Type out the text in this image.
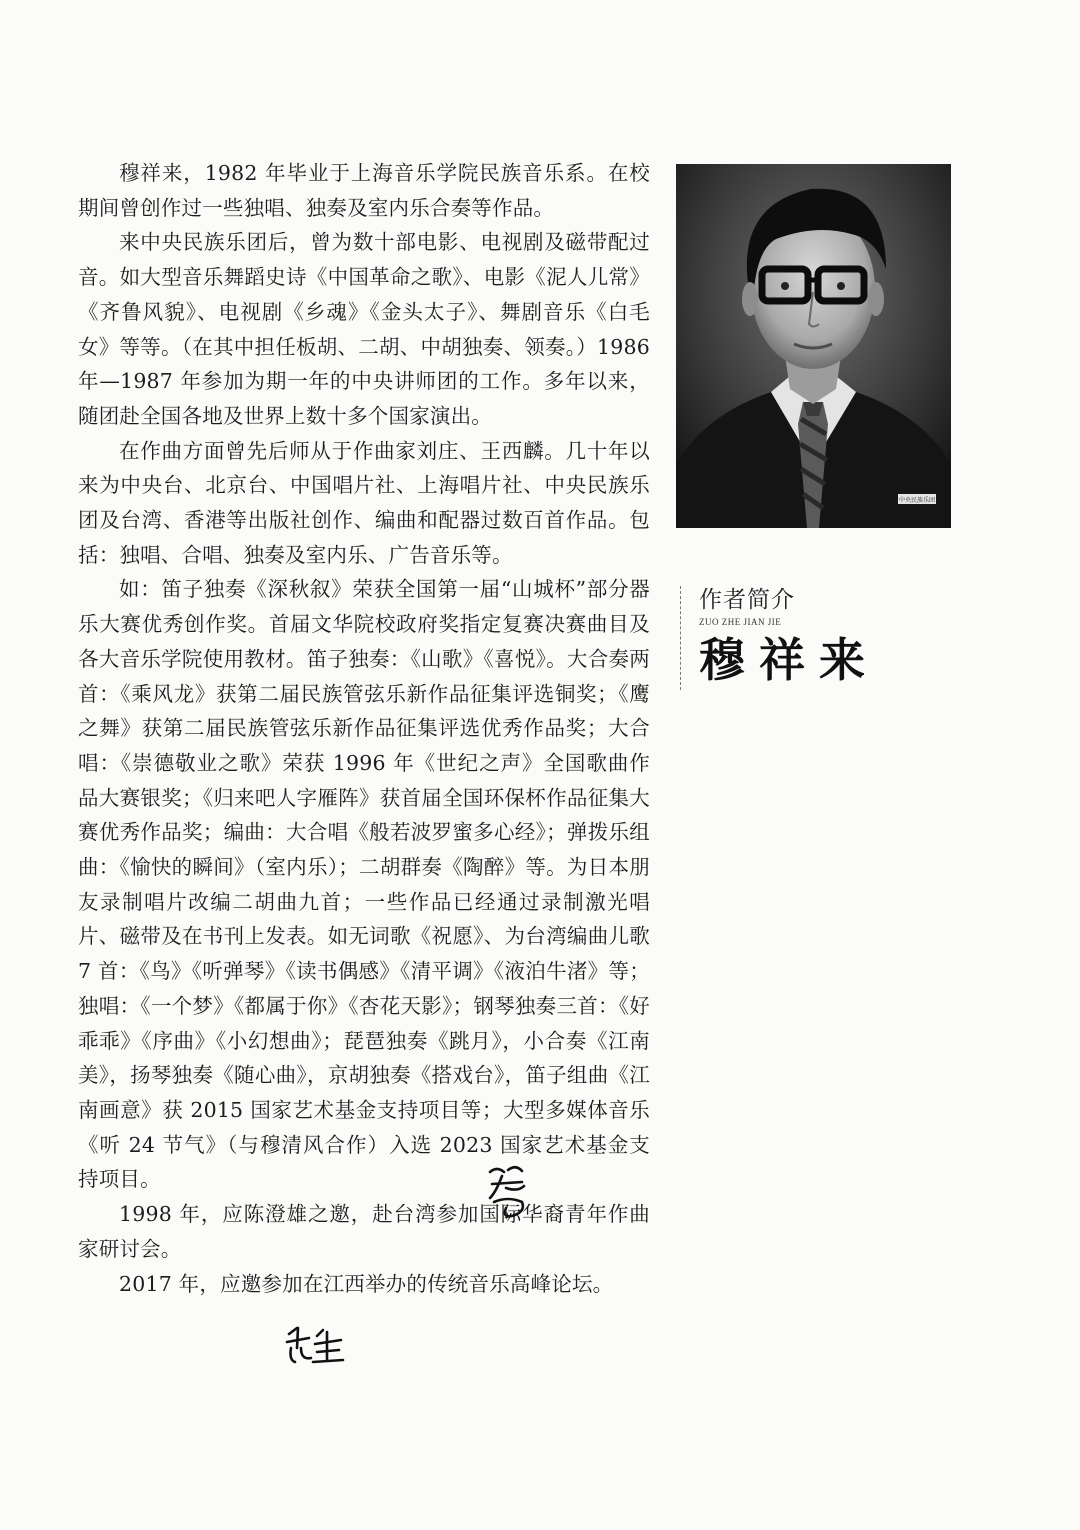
穆祥来，1982 年毕业于上海音乐学院民族音乐系。在校期间曾创作过一些独唱、独奏及室内乐合奏等作品。

来中央民族乐团后，曾为数十部电影、电视剧及磁带配过音。如大型音乐舞蹈史诗《中国革命之歌》、电影《泥人儿常》《齐鲁风貌》、电视剧《乡魂》《金头太子》、舞剧音乐《白毛女》等等。（在其中担任板胡、二胡、中胡独奏、领奏。）1986 年—1987 年参加为期一年的中央讲师团的工作。多年以来，随团赴全国各地及世界上数十多个国家演出。

在作曲方面曾先后师从于作曲家刘庄、王西麟。几十年以来为中央台、北京台、中国唱片社、上海唱片社、中央民族乐团及台湾、香港等出版社创作、编曲和配器过数百首作品。包括：独唱、合唱、独奏及室内乐、广告音乐等。

如：笛子独奏《深秋叙》荣获全国第一届“山城杯”部分器乐大赛优秀创作奖。首届文华院校政府奖指定复赛决赛曲目及各大音乐学院使用教材。笛子独奏：《山歌》《喜悦》。大合奏两首：《乘风龙》获第二届民族管弦乐新作品征集评选铜奖；《鹰之舞》获第二届民族管弦乐新作品征集评选优秀作品奖；大合唱：《崇德敬业之歌》荣获 1996 年《世纪之声》全国歌曲作品大赛银奖；《归来吧人字雁阵》获首届全国环保杯作品征集大赛优秀作品奖；编曲：大合唱《般若波罗蜜多心经》；弹拨乐组曲：《愉快的瞬间》（室内乐）；二胡群奏《陶醉》等。为日本朋友录制唱片改编二胡曲九首；一些作品已经通过录制激光唱片、磁带及在书刊上发表。如无词歌《祝愿》、为台湾编曲儿歌 7 首：《鸟》《听弹琴》《读书偶感》《清平调》《液泊牛渚》等；独唱：《一个梦》《都属于你》《杏花天影》；钢琴独奏三首：《好乖乖》《序曲》《小幻想曲》；琵琶独奏《跳月》，小合奏《江南美》，扬琴独奏《随心曲》，京胡独奏《搭戏台》，笛子组曲《江南画意》获 2015 国家艺术基金支持项目等；大型多媒体音乐《听 24 节气》（与穆清风合作）入选 2023 国家艺术基金支持项目。

1998 年，应陈澄雄之邀，赴台湾参加国际华裔青年作曲家研讨会。

2017 年，应邀参加在江西举办的传统音乐高峰论坛。

中央民族乐团
作者简介
ZUO ZHE JIAN JIE
穆祥来
